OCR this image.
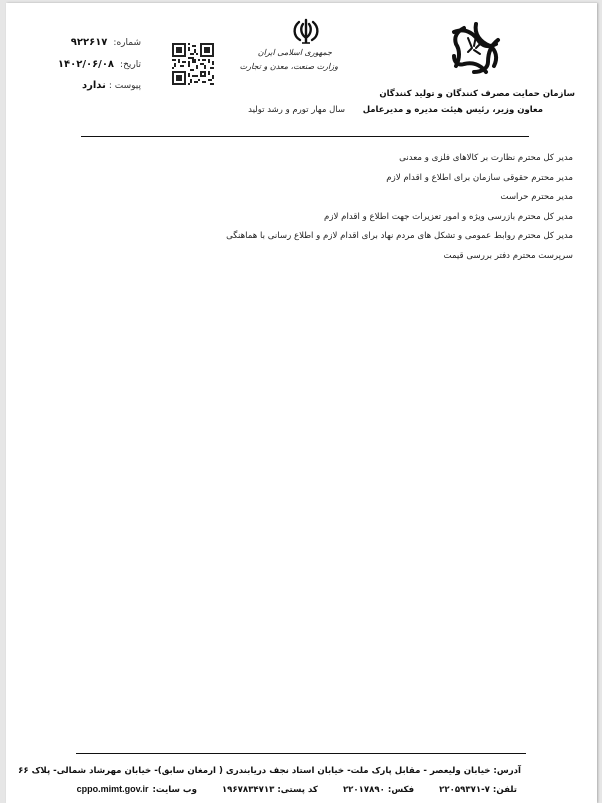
شماره:۹۲۲۶۱۷
تاریخ:۱۴۰۲/۰۶/۰۸
پیوست :ندارد
جمهوری اسلامی ایران
وزارت صنعت، معدن و تجارت
سازمان حمایت مصرف کنندگان و تولید کنندگان
معاون وزیر، رئیس هیئت مدیره و مدیرعامل
سال مهار تورم و رشد تولید
مدیر کل محترم نظارت بر کالاهای فلزی و معدنی
مدیر محترم حقوقی سازمان برای اطلاع و اقدام لازم
مدیر محترم حراست
مدیر کل محترم بازرسی ویژه و امور تعزیرات جهت اطلاع و اقدام لازم
مدیر کل محترم روابط عمومی و تشکل های مردم نهاد برای اقدام لازم و اطلاع رسانی با هماهنگی
سرپرست محترم دفتر بررسی قیمت
آدرس: خیابان ولیعصر - مقابل پارک ملت- خیابان استاد نجف دریابندری ( ارمغان سابق)- خیابان مهرشاد شمالی- پلاک ۶۶
تلفن: ۷-۲۲۰۵۹۳۷۱ فکس: ۲۲۰۱۷۸۹۰ کد پستی: ۱۹۶۷۸۳۴۷۱۳ وب سایت:cppo.mimt.gov.ir
